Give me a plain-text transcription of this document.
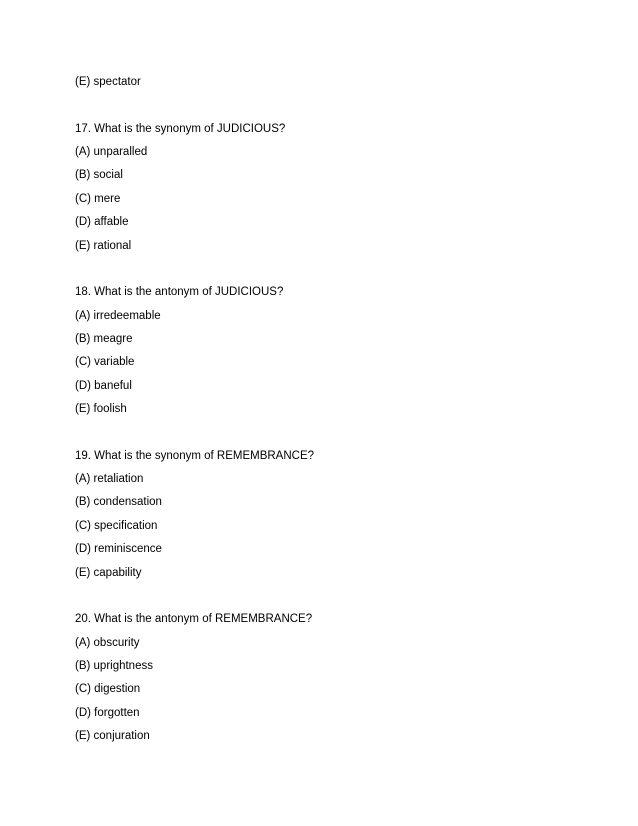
(E) spectator
17. What is the synonym of JUDICIOUS?
(A) unparalled
(B) social
(C) mere
(D) affable
(E) rational
18. What is the antonym of JUDICIOUS?
(A) irredeemable
(B) meagre
(C) variable
(D) baneful
(E) foolish
19. What is the synonym of REMEMBRANCE?
(A) retaliation
(B) condensation
(C) specification
(D) reminiscence
(E) capability
20. What is the antonym of REMEMBRANCE?
(A) obscurity
(B) uprightness
(C) digestion
(D) forgotten
(E) conjuration
